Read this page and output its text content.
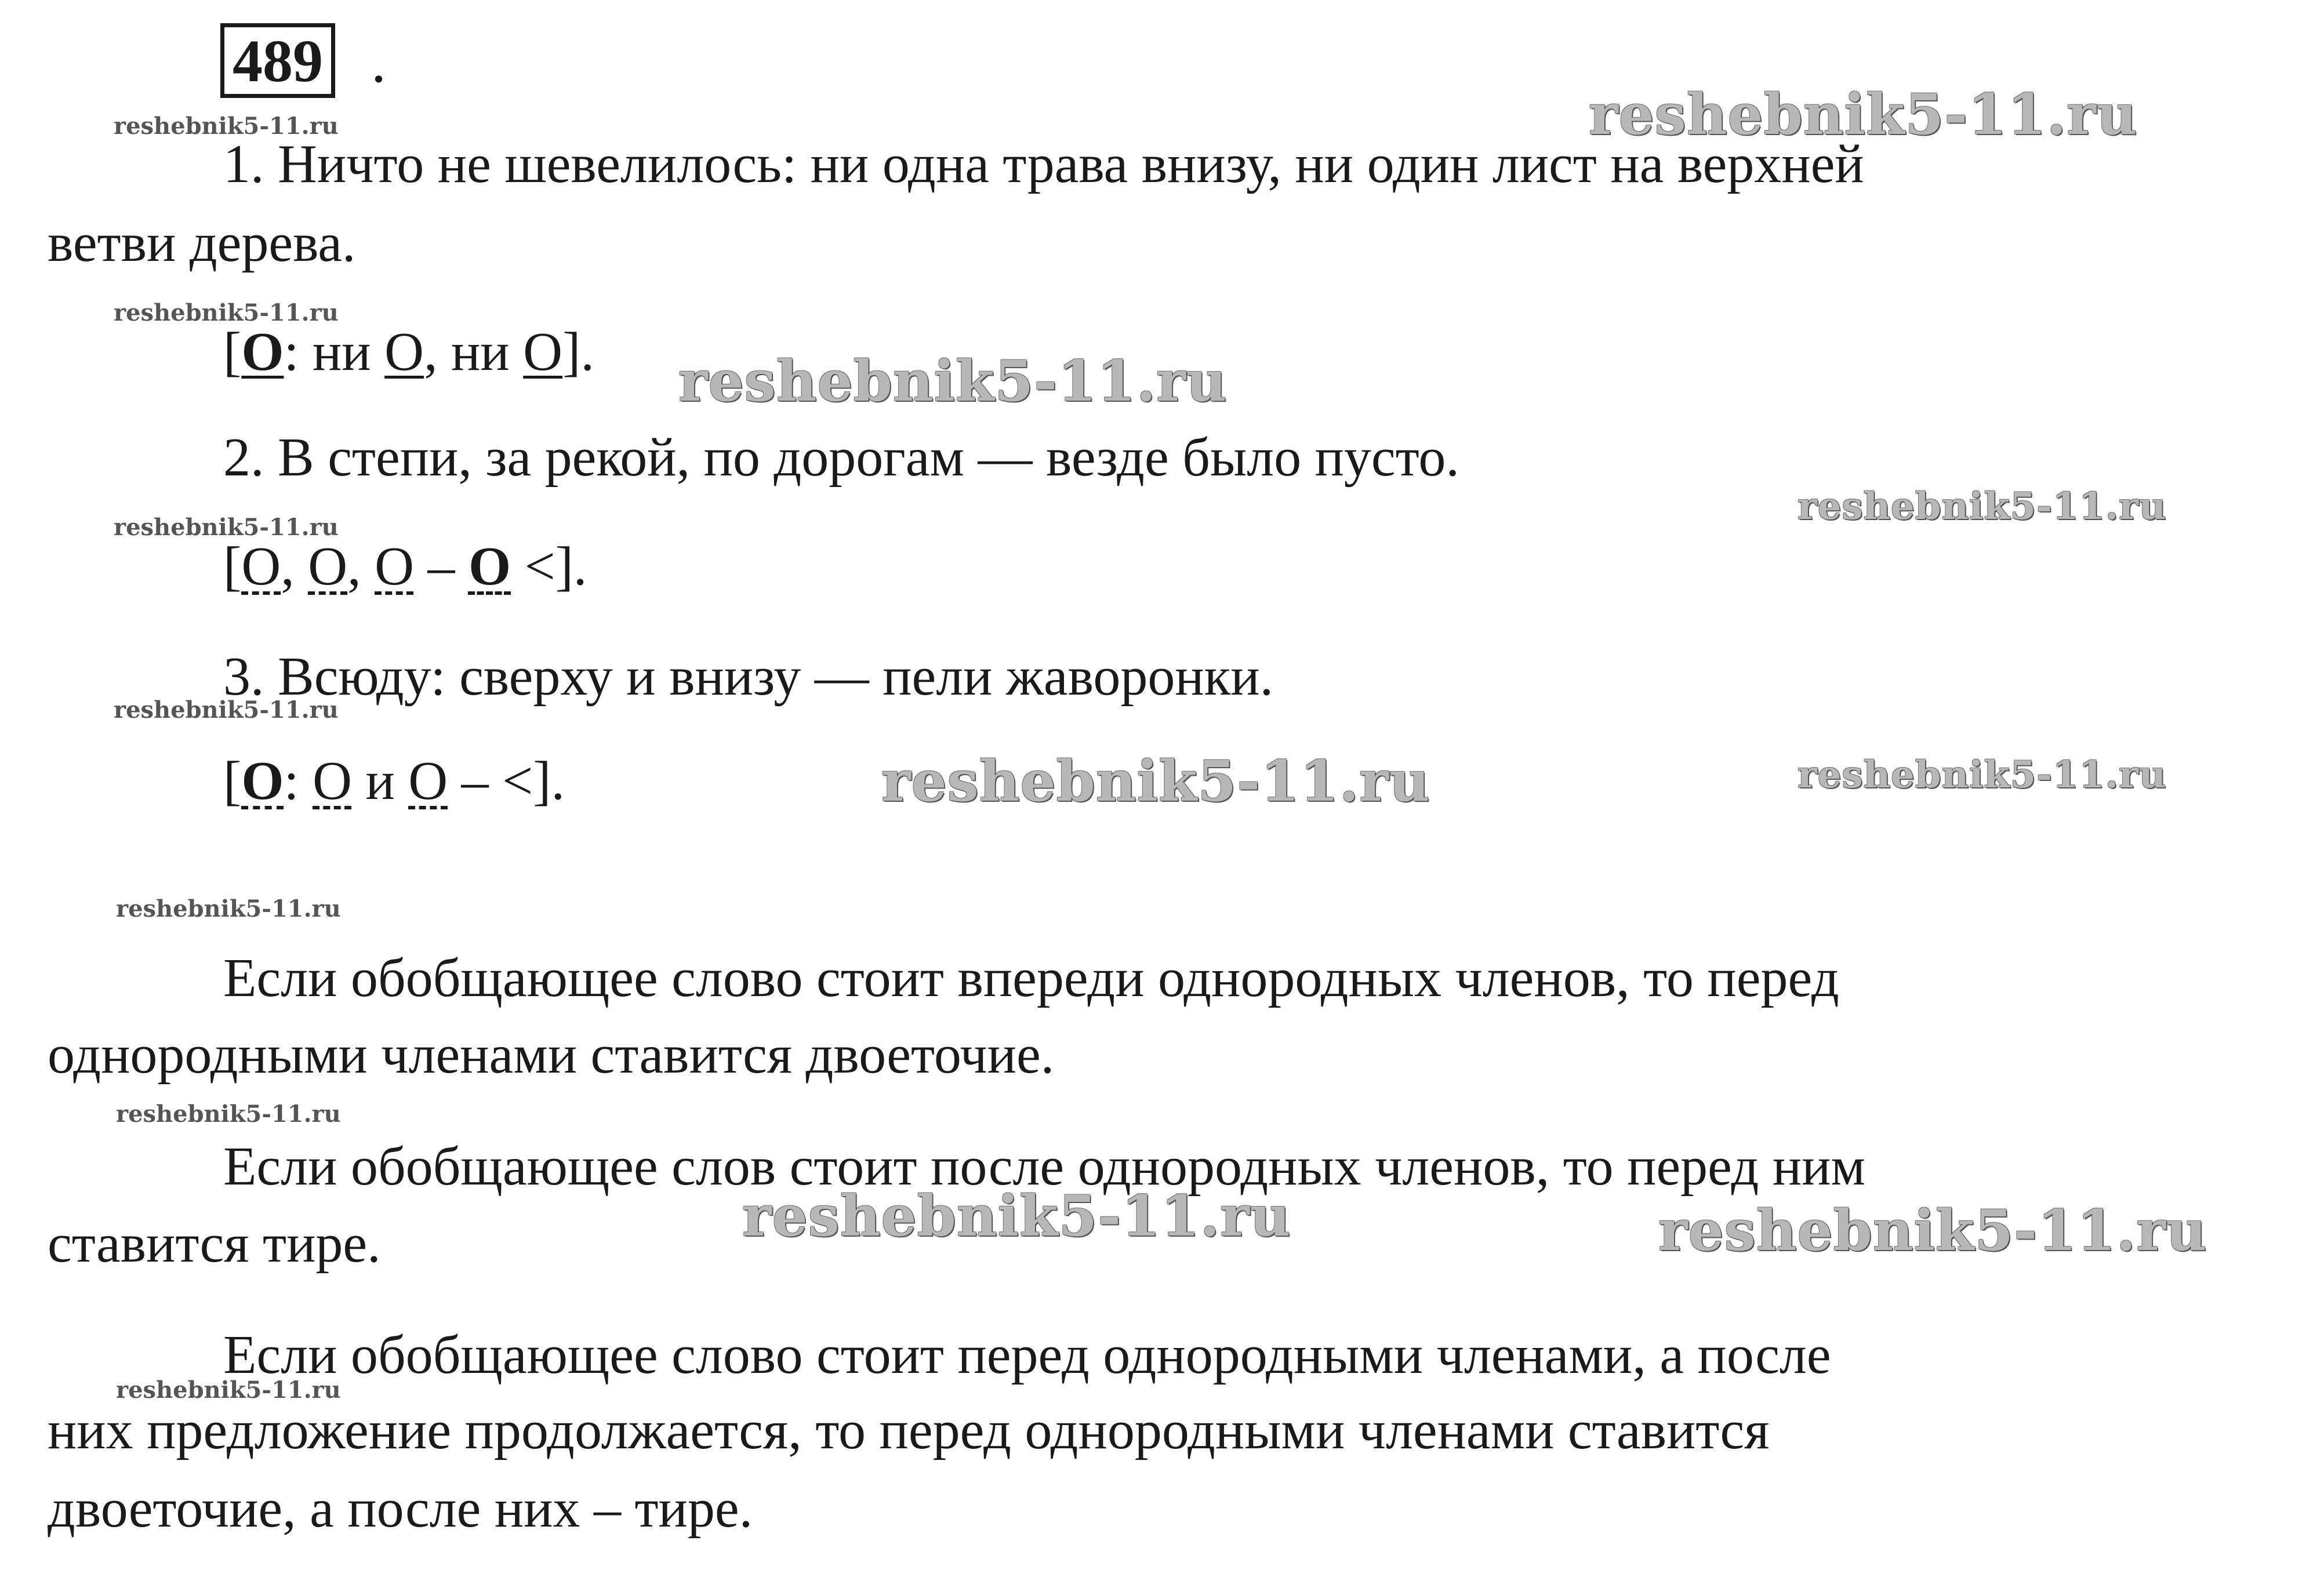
489 .
reshebnik5-11.ru	reshebnik5-11.ru
reshebnik5-11.ru
reshebnik5-11.ru
reshebnik5-11.ru	reshebnik5-11.ru
reshebnik5-11.ru
reshebnik5-11.ru	reshebnik5-11.ru
reshebnik5-11.ru
reshebnik5-11.ru
reshebnik5-11.ru	reshebnik5-11.ru
reshebnik5-11.ru
1. Ничто не шевелилось: ни одна трава внизу, ни один лист на верхней
ветви дерева.
[О: ни О, ни О].
2. В степи, за рекой, по дорогам — везде было пусто.
[О, О, О – О <].
3. Всюду: сверху и внизу — пели жаворонки.
[О: О и О – <].
Если обобщающее слово стоит впереди однородных членов, то перед
однородными членами ставится двоеточие.
Если обобщающее слов стоит после однородных членов, то перед ним
ставится тире.
Если обобщающее слово стоит перед однородными членами, а после
них предложение продолжается, то перед однородными членами ставится
двоеточие, а после них – тире.
